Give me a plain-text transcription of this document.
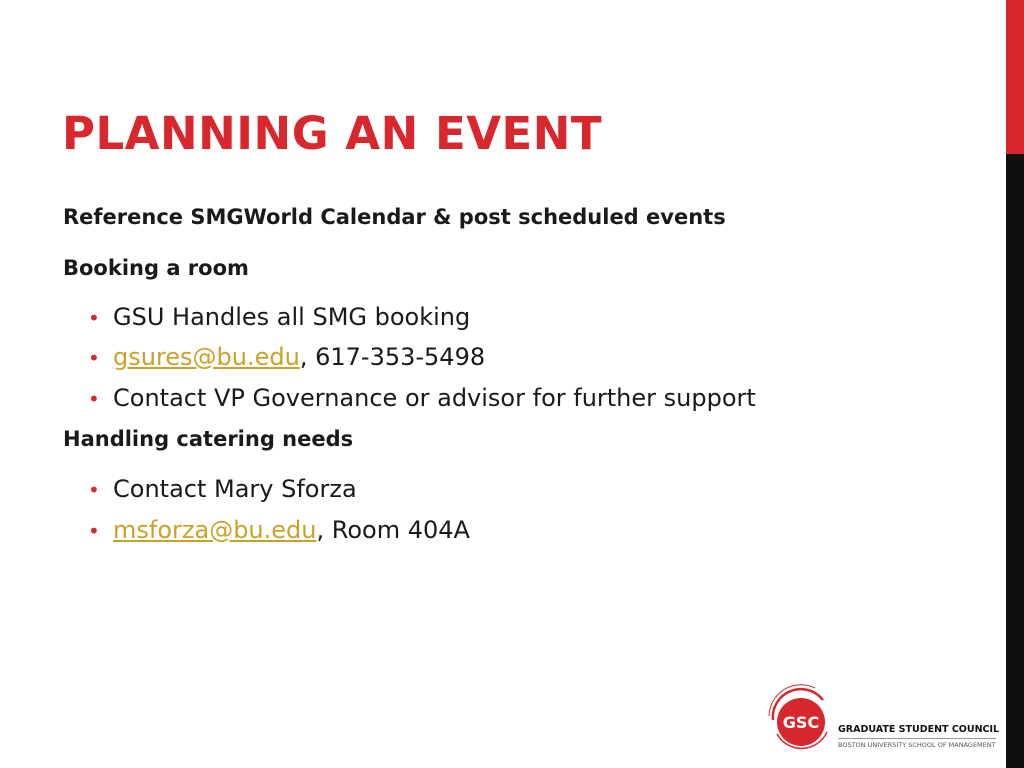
PLANNING AN EVENT

Reference SMGWorld Calendar & post scheduled events

Booking a room

• GSU Handles all SMG booking

• gsures@bu.edu, 617-353-5498

• Contact VP Governance or advisor for further support

Handling catering needs

• Contact Mary Sforza

• msforza@bu.edu, Room 404A

GSC GRADUATE STUDENT COUNCIL
BOSTON UNIVERSITY SCHOOL OF MANAGEMENT
